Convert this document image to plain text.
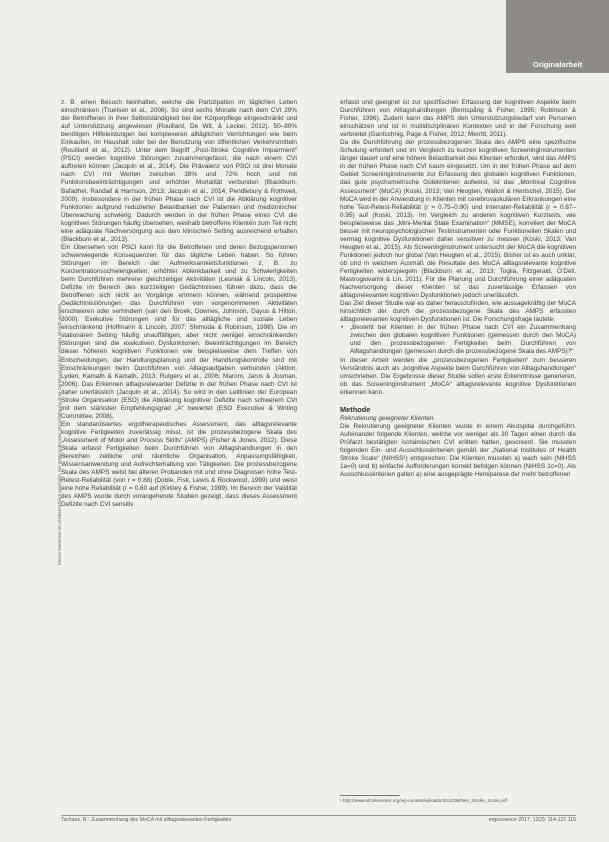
Originalarbeit
Dieses Dokument ist urheberrechtlich geschützt. Die Weitergabe oder Vervielfältigung ohne Genehmigung des Verlages ist nicht gestattet.

z. B. einen Besuch beinhalten, welche die Partizipation im täglichen Leben einschränken (Truelsen et al., 2006). So sind sechs Monate nach dem CVI 29% der Betroffenen in ihrer Selbstständigkeit bei der Körperpflege eingeschränkt und auf Unterstützung angewiesen (Rouillard, De Wit, & Lecker, 2012). 50–80% benötigen Hilfeleistungen bei komplexeren alltäglichen Verrichtungen wie beim Einkaufen, im Haushalt oder bei der Benutzung von öffentlichen Verkehrsmitteln (Rouillard et al., 2012). Unter dem Begriff „Post-Stroke Cognitive Impairment“ (PSCI) werden kognitive Störungen zusammengefasst, die nach einem CVI auftreten können (Jacquin et al., 2014). Die Prävalenz von PSCI ist drei Monate nach CVI mit Werten zwischen 38% und 72% hoch und mit Funktionsbeeinträchtigungen und erhöhter Mortalität verbunden (Blackburn, Bafadhel, Randall & Harrison, 2013; Jacquin et al., 2014; Pendlebury & Rothwell, 2009). Insbesondere in der frühen Phase nach CVI ist die Abklärung kognitiver Funktionen aufgrund reduzierter Belastbarkeit der Patienten und medizinischer Überwachung schwierig. Dadurch werden in der frühen Phase eines CVI die kognitiven Störungen häufig übersehen, weshalb betroffene Klienten zum Teil nicht eine adäquate Nachversorgung aus dem klinischen Setting ausreichend erhalten (Blackburn et al., 2013).

Ein Übersehen von PSCI kann für die Betroffenen und deren Bezugspersonen schwerwiegende Konsequenzen für das tägliche Leben haben. So führen Störungen im Bereich der Aufmerksamkeitsfunktionen z. B. zu Konzentrationsschwierigkeiten, erhöhter Ablenkbarkeit und zu Schwierigkeiten beim Durchführen mehrerer gleichzeitiger Aktivitäten (Lesniak & Lincoln, 2013). Defizite im Bereich des kurzzeitigen Gedächtnisses führen dazu, dass die Betroffenen sich nicht an Vorgänge erinnern können, während prospektive Gedächtnisstörungen das Durchführen von vorgenommenen Aktivitäten erschweren oder verhindern (van den Broek, Downes, Johnson, Dayus & Hilton, 2000). Exekutive Störungen sind für das alltägliche und soziale Leben einschränkend (Hoffmann & Lincoln, 2007; Shimoda & Robinson, 1998). Die im stationären Setting häufig unauffälligen, aber nicht weniger einschränkenden Störungen sind die exekutiven Dysfunktionen. Beeinträchtigungen im Bereich dieser höheren kognitiven Funktionen wie beispielsweise dem Treffen von Entscheidungen, der Handlungsplanung und der Handlungskontrolle sind mit Einschränkungen beim Durchführen von Alltagsaufgaben verbunden (Aktion, Lyden, Kamath & Kamath, 2013; Rutgers et al., 2006; Marom, Jarus & Josman, 2006). Das Erkennen alltagsrelevanter Defizite in der frühen Phase nach CVI ist daher unerlässlich (Jacquin et al., 2014). So wird in den Leitlinien der European Stroke Organisation (ESO) die Abklärung kognitiver Defizite nach schwerem CVI mit dem stärksten Empfehlungsgrad „A“ bewertet (ESO Executive & Writing Committee, 2008).

Ein standardisiertes ergotherapeutisches Assessment, das alltagsrelevante kognitive Fertigkeiten zuverlässig misst, ist die prozessbezogene Skala des „Assessment of Motor and Process Skills“ (AMPS) (Fisher & Jones, 2012). Diese Skala erfasst Fertigkeiten beim Durchführen von Alltagshandlungen in den Bereichen zeitliche und räumliche Organisation, Anpassungsfähigkeit, Wissensanwendung und Aufrechterhaltung von Tätigkeiten. Die prozessbezogene Skala des AMPS weist bei älteren Probanden mit und ohne Diagnosen hohe Test-Retest-Reliabilität (von r = 0.88) (Doble, Fisk, Lewis & Rockwood, 1999) und weist eine hohe Reliabilität (r = 0.80 auf (Kirkley & Fisher, 1999). Im Bereich der Validität des AMPS wurde durch vorangehende Studien gezeigt, dass dieses Assessment Defizite nach CVI sensitiv

erfasst und geeignet ist zur spezifischen Erfassung der kognitiven Aspekte beim Durchführen von Alltagshandlungen (Bernspång & Fisher, 1995; Robinson & Fisher, 1996). Zudem kann das AMPS den Unterstützungsbedarf von Personen einschätzen und ist in multidisziplinären Kontexten und in der Forschung weit verbreitet (Gantschnig, Page & Fisher, 2012; Merritt, 2011).

Da die Durchführung der prozessbezogenen Skala des AMPS eine spezifische Schulung erfordert und im Vergleich zu kurzen kognitiven Screeninginstrumenten länger dauert und eine höhere Belastbarkeit des Klienten erfordert, wird das AMPS in der frühen Phase nach CVI kaum eingesetzt. Um in der frühen Phase auf dem Gebiet Screeninginstrumente zur Erfassung des globalen kognitiven Funktionen, das gute psychometrische Gütekriterien aufweist, ist das „Montreal Cognitive Assessment“ (MoCA) (Koski, 2013; Van Heugten, Walton & Hentschel, 2015). Der MoCA wird in der Anwendung in Klienten mit cerebrovaskulären Erkrankungen eine hohe Test-Retest-Reliabilität (r = 0.75–0.90) und Interrater-Reliabilität (r = 0.87–0.95) auf (Koski, 2013). Im Vergleich zu anderen kognitiven Kurztests, wie beispielsweise das „Mini-Mental State Examination“ (MMSE), korreliert der MoCA besser mit neuropsychologischen Testinstrumenten oder Funktionellen Skalen und vermag kognitive Dysfunktionen daher sensitiver zu messen (Koski, 2013; Van Heugten et al., 2015). Als Screeninginstrument untersucht der MoCA die kognitiven Funktionen jedoch nur global (Van Heugten et al., 2015). Bisher ist es auch unklar, ob und in welchem Ausmaß die Resultate des MoCA alltagsrelevante kognitive Fertigkeiten widerspiegeln (Blackburn et al., 2013; Toglia, Fitzgerald, O’Dell, Mastrogiovanni & Lin, 2011). Für die Planung und Durchführung einer adäquaten Nachversorgung dieser Klienten ist das zuverlässige Erfassen von alltagsrelevanten kognitiven Dysfunktionen jedoch unerlässlich.

Das Ziel dieser Studie war es daher herauszufinden, wie aussagekräftig der MoCA hinsichtlich der durch die prozessbezogene Skala des AMPS erfassten alltagsrelevanten kognitiven Dysfunktionen ist. Die Forschungsfrage lautete:

• „Besteht bei Klienten in der frühen Phase nach CVI ein Zusammenhang zwischen den globalen kognitiven Funktionen (gemessen durch den MoCA) und den prozessbezogenen Fertigkeiten beim Durchführen von Alltagshandlungen (gemessen durch die prozessbezogene Skala des AMPS)?“

In dieser Arbeit werden die „prozessbezogenen Fertigkeiten“ zum besseren Verständnis auch als „kognitive Aspekte beim Durchführen von Alltagshandlungen“ umschrieben. Die Ergebnisse dieser Studie sollen erste Erkenntnisse generieren, ob das Screeninginstrument „MoCA“ alltagsrelevante kognitive Dysfunktionen erkennen kann.

Methode

Rekrutierung geeigneter Klienten

Die Rekrutierung geeigneter Klienten wurde in einem Akutspital durchgeführt. Aufeinander folgende Klienten, welche vor weniger als 30 Tagen einen durch die Prüfarzt bestätigten ischämischen CVI erlitten hatten, gescreent. Sie mussten folgenden Ein- und Ausschlusskriterien gemäß der „National Institutes of Health Stroke Scale“ (NIHSS¹) entsprechen: Die Klienten mussten a) wach sein (NIHSS 1a=0) und b) einfache Aufforderungen korrekt befolgen können (NIHSS 1c=0). Als Ausschlusskriterien galten a) eine ausgeprägte Hemiparese der mehr betroffenen

¹ http://www.strokecenter.org/wp-content/uploads/2011/08/NIH_Stroke_Scale.pdf
Tschanz, R.: Zusammenhang des MoCA mit alltagsrelevanten Fertigkeiten	ergoscience 2017; 12(3): 114-121 115
